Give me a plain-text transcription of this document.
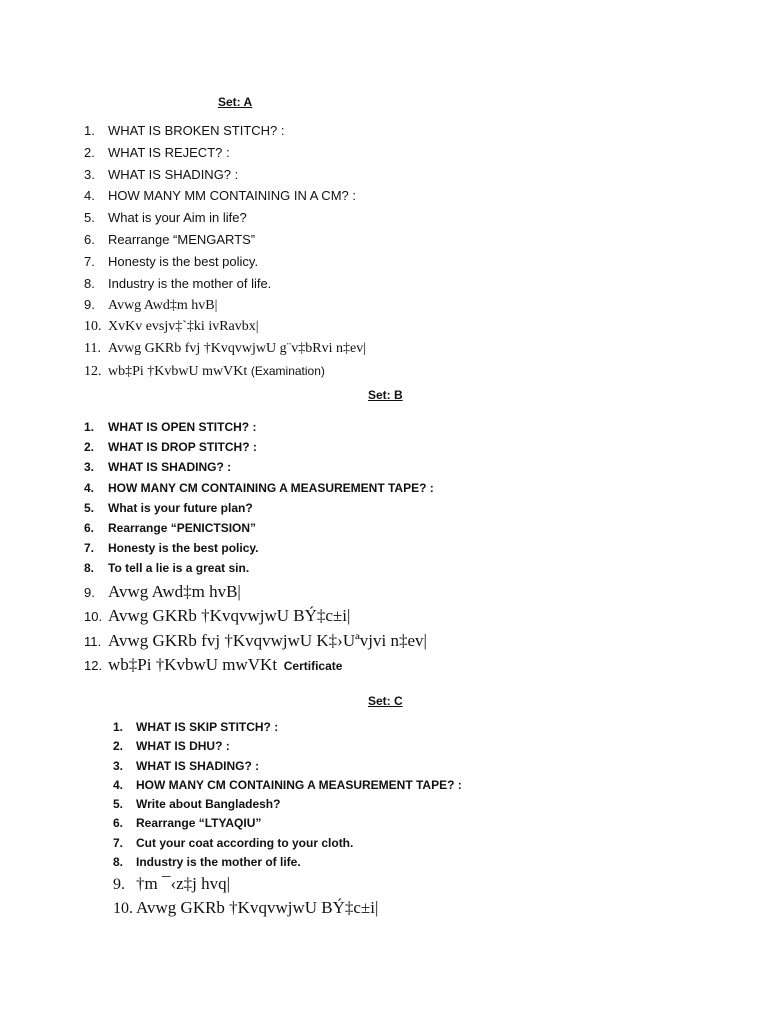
Set: A
1.	WHAT IS BROKEN STITCH? :
2.	WHAT IS REJECT? :
3.	WHAT IS SHADING? :
4.	HOW MANY MM CONTAINING IN A CM? :
5.	What is your Aim in life?
6.	Rearrange “MENGARTS”
7.	Honesty is the best policy.
8.	Industry is the mother of life.
9. Avwg Awd‡m hvB|
10. XvKv evsjv‡`‡ki ivRavbx|
11. Avwg GKRb fvj †KvqvwjwU g¨v‡bRvi n‡ev|
12. wb‡Pi †KvbwU mwVKt
(Examination)
Set: B
1.	WHAT IS OPEN STITCH? :
2.	WHAT IS DROP STITCH? :
3.	WHAT IS SHADING? :
4.	HOW MANY CM CONTAINING A MEASUREMENT TAPE? :
5.	What is your future plan?
6.	Rearrange “PENICTSION”
7.	Honesty is the best policy.
8.	To tell a lie is a great sin.
9. Avwg Awd‡m hvB|
10. Avwg GKRb †KvqvwjwU BÝ‡c±i|
11. Avwg GKRb fvj †KvqvwjwU K‡›Uªvjvi n‡ev|
12. wb‡Pi †KvbwU mwVKt
Certificate
Set: C
1.	WHAT IS SKIP STITCH? :
2.	WHAT IS DHU? :
3.	WHAT IS SHADING? :
4.	HOW MANY CM CONTAINING A MEASUREMENT TAPE? :
5.	Write about Bangladesh?
6.	Rearrange “LTYAQIU”
7.	Cut your coat according to your cloth.
8.	Industry is the mother of life.
9. †m ¯‹z‡j hvq|
10. Avwg GKRb †KvqvwjwU BÝ‡c±i|
